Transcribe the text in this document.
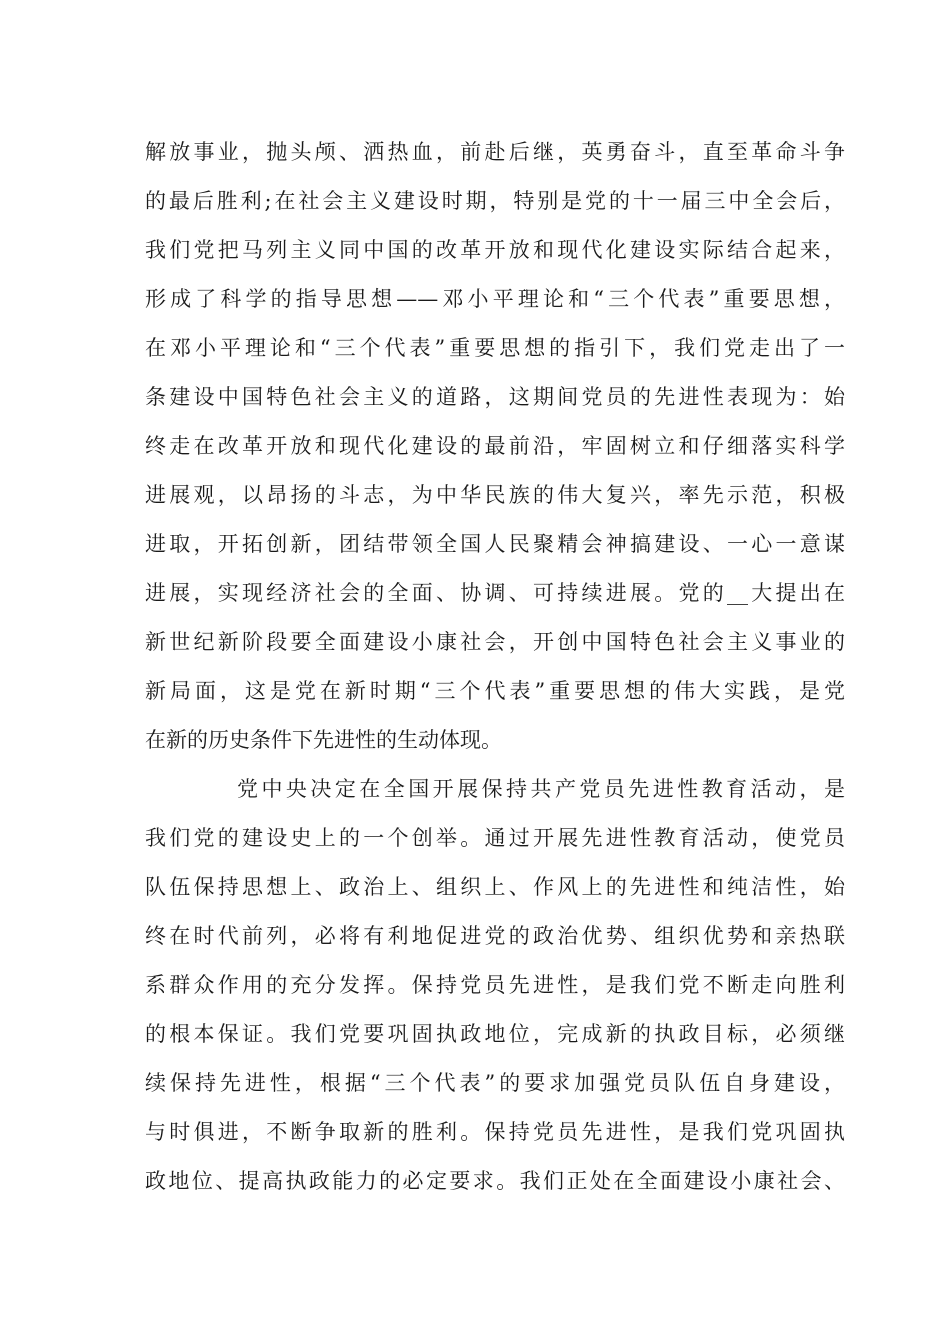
解放事业，抛头颅、洒热血，前赴后继，英勇奋斗，直至革命斗争
的最后胜利;在社会主义建设时期，特别是党的十一届三中全会后，
我们党把马列主义同中国的改革开放和现代化建设实际结合起来，
形成了科学的指导思想——邓小平理论和“三个代表”重要思想，
在邓小平理论和“三个代表”重要思想的指引下，我们党走出了一
条建设中国特色社会主义的道路，这期间党员的先进性表现为：始
终走在改革开放和现代化建设的最前沿，牢固树立和仔细落实科学
进展观，以昂扬的斗志，为中华民族的伟大复兴，率先示范，积极
进取，开拓创新，团结带领全国人民聚精会神搞建设、一心一意谋
进展，实现经济社会的全面、协调、可持续进展。党的__大提出在
新世纪新阶段要全面建设小康社会，开创中国特色社会主义事业的
新局面，这是党在新时期“三个代表”重要思想的伟大实践，是党
在新的历史条件下先进性的生动体现。
党中央决定在全国开展保持共产党员先进性教育活动，是
我们党的建设史上的一个创举。通过开展先进性教育活动，使党员
队伍保持思想上、政治上、组织上、作风上的先进性和纯洁性，始
终在时代前列，必将有利地促进党的政治优势、组织优势和亲热联
系群众作用的充分发挥。保持党员先进性，是我们党不断走向胜利
的根本保证。我们党要巩固执政地位，完成新的执政目标，必须继
续保持先进性，根据“三个代表”的要求加强党员队伍自身建设，
与时俱进，不断争取新的胜利。保持党员先进性，是我们党巩固执
政地位、提高执政能力的必定要求。我们正处在全面建设小康社会、
